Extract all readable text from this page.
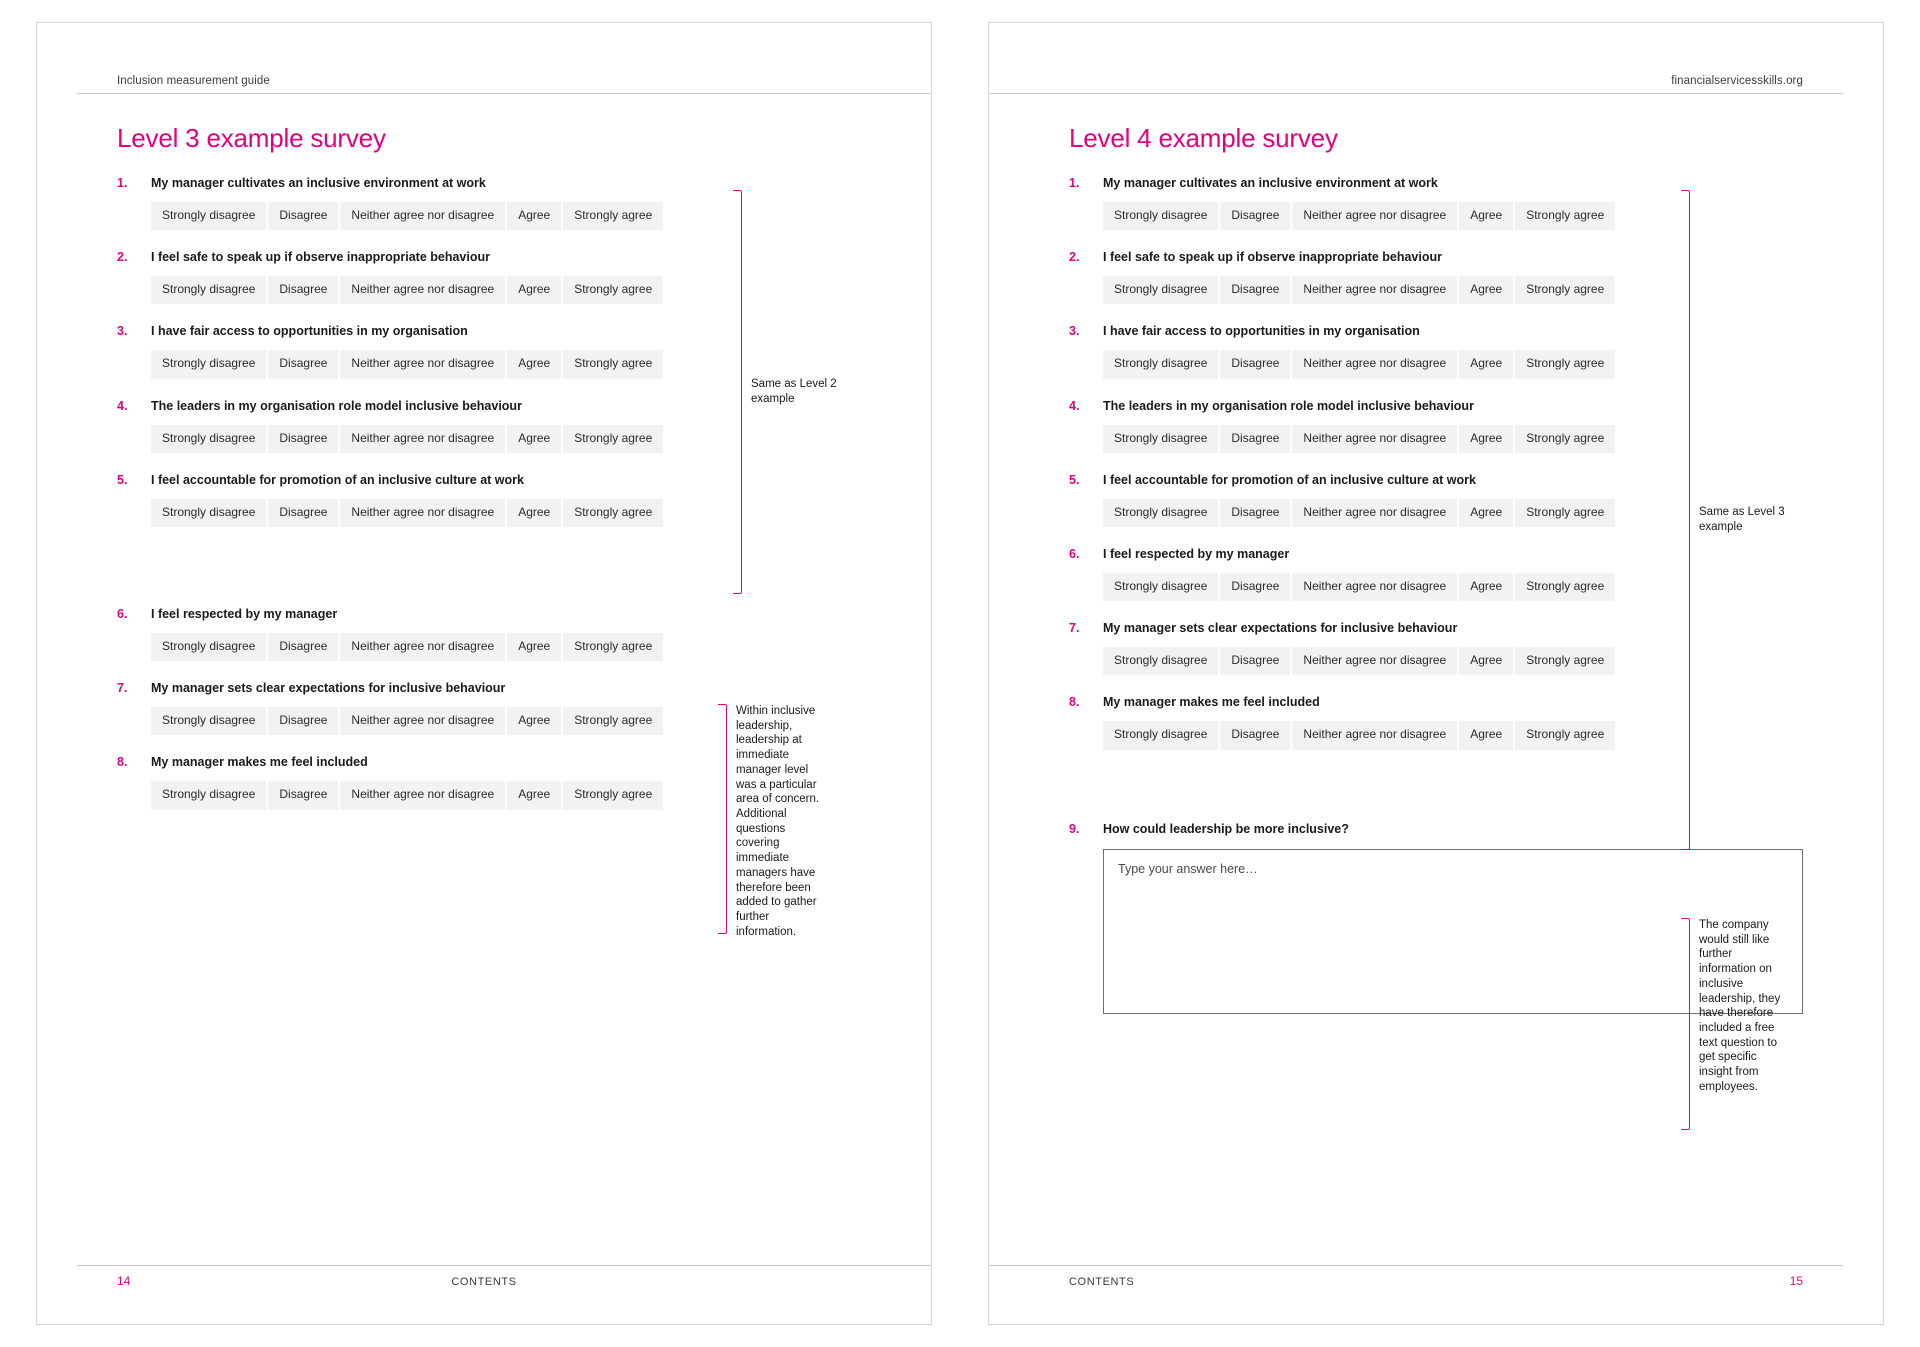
Inclusion measurement guide
Level 3 example survey
1.	My manager cultivates an inclusive environment at work
Strongly disagree	Disagree	Neither agree nor disagree	Agree	Strongly agree
2.	I feel safe to speak up if observe inappropriate behaviour
Strongly disagree	Disagree	Neither agree nor disagree	Agree	Strongly agree
3.	I have fair access to opportunities in my organisation
Strongly disagree	Disagree	Neither agree nor disagree	Agree	Strongly agree
4.	The leaders in my organisation role model inclusive behaviour
Strongly disagree	Disagree	Neither agree nor disagree	Agree	Strongly agree
5.	I feel accountable for promotion of an inclusive culture at work
Strongly disagree	Disagree	Neither agree nor disagree	Agree	Strongly agree
6.	I feel respected by my manager
Strongly disagree	Disagree	Neither agree nor disagree	Agree	Strongly agree
7.	My manager sets clear expectations for inclusive behaviour
Strongly disagree	Disagree	Neither agree nor disagree	Agree	Strongly agree
8.	My manager makes me feel included
Strongly disagree	Disagree	Neither agree nor disagree	Agree	Strongly agree
Same as Level 2 example
Within inclusive leadership, leadership at immediate manager level was a particular area of concern. Additional questions covering immediate managers have therefore been added to gather further information.
14	CONTENTS
financialservicesskills.org
Level 4 example survey
1.	My manager cultivates an inclusive environment at work
Strongly disagree	Disagree	Neither agree nor disagree	Agree	Strongly agree
2.	I feel safe to speak up if observe inappropriate behaviour
Strongly disagree	Disagree	Neither agree nor disagree	Agree	Strongly agree
3.	I have fair access to opportunities in my organisation
Strongly disagree	Disagree	Neither agree nor disagree	Agree	Strongly agree
4.	The leaders in my organisation role model inclusive behaviour
Strongly disagree	Disagree	Neither agree nor disagree	Agree	Strongly agree
5.	I feel accountable for promotion of an inclusive culture at work
Strongly disagree	Disagree	Neither agree nor disagree	Agree	Strongly agree
6.	I feel respected by my manager
Strongly disagree	Disagree	Neither agree nor disagree	Agree	Strongly agree
7.	My manager sets clear expectations for inclusive behaviour
Strongly disagree	Disagree	Neither agree nor disagree	Agree	Strongly agree
8.	My manager makes me feel included
Strongly disagree	Disagree	Neither agree nor disagree	Agree	Strongly agree
9.	How could leadership be more inclusive?
Type your answer here…
Same as Level 3 example
The company would still like further information on inclusive leadership, they have therefore included a free text question to get specific insight from employees.
15
CONTENTS
